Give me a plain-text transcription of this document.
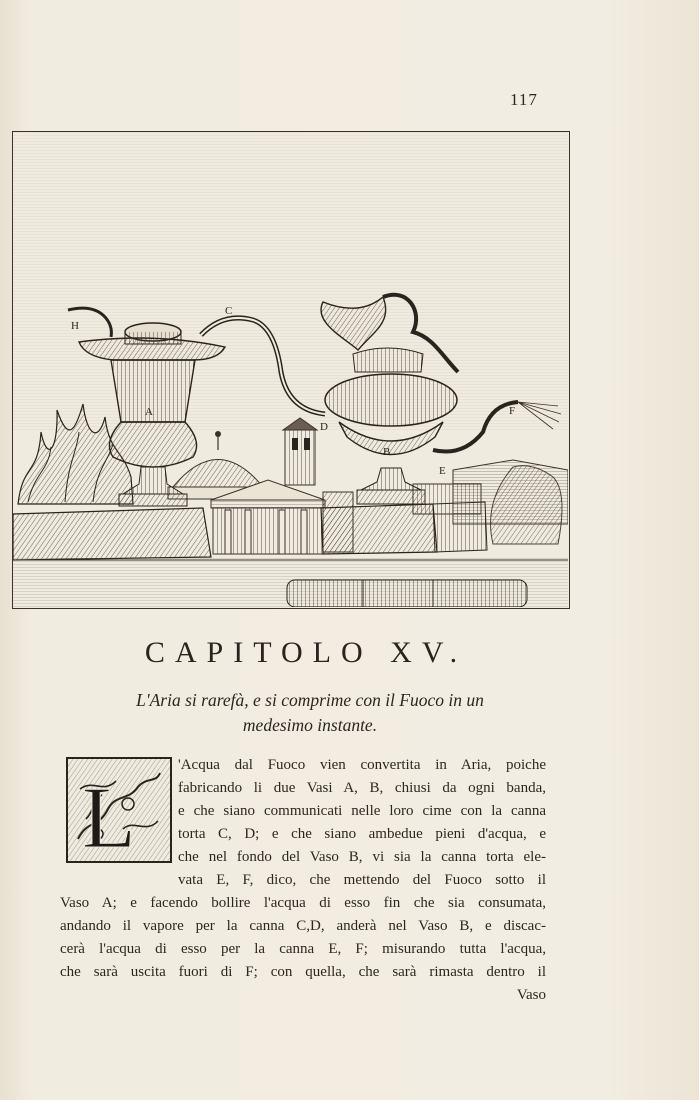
117
H
C
A
D
B
E
F
CAPITOLO XV.
L'Aria si rarefà, e si comprime con il Fuoco in un
medesimo instante.
L
'Acqua dal Fuoco vien convertita in Aria, poiche
fabricando li due Vasi A, B, chiusi da ogni banda,
e che siano communicati nelle loro cime con la canna
torta C, D; e che siano ambedue pieni d'acqua, e
che nel fondo del Vaso B, vi sia la canna torta ele-
vata E, F, dico, che mettendo del Fuoco sotto il
Vaso A; e facendo bollire l'acqua di esso fin che sia consumata,
andando il vapore per la canna C,D, anderà nel Vaso B, e discac-
cerà l'acqua di esso per la canna E, F; misurando tutta l'acqua,
che sarà uscita fuori di F; con quella, che sarà rimasta dentro il
Vaso
